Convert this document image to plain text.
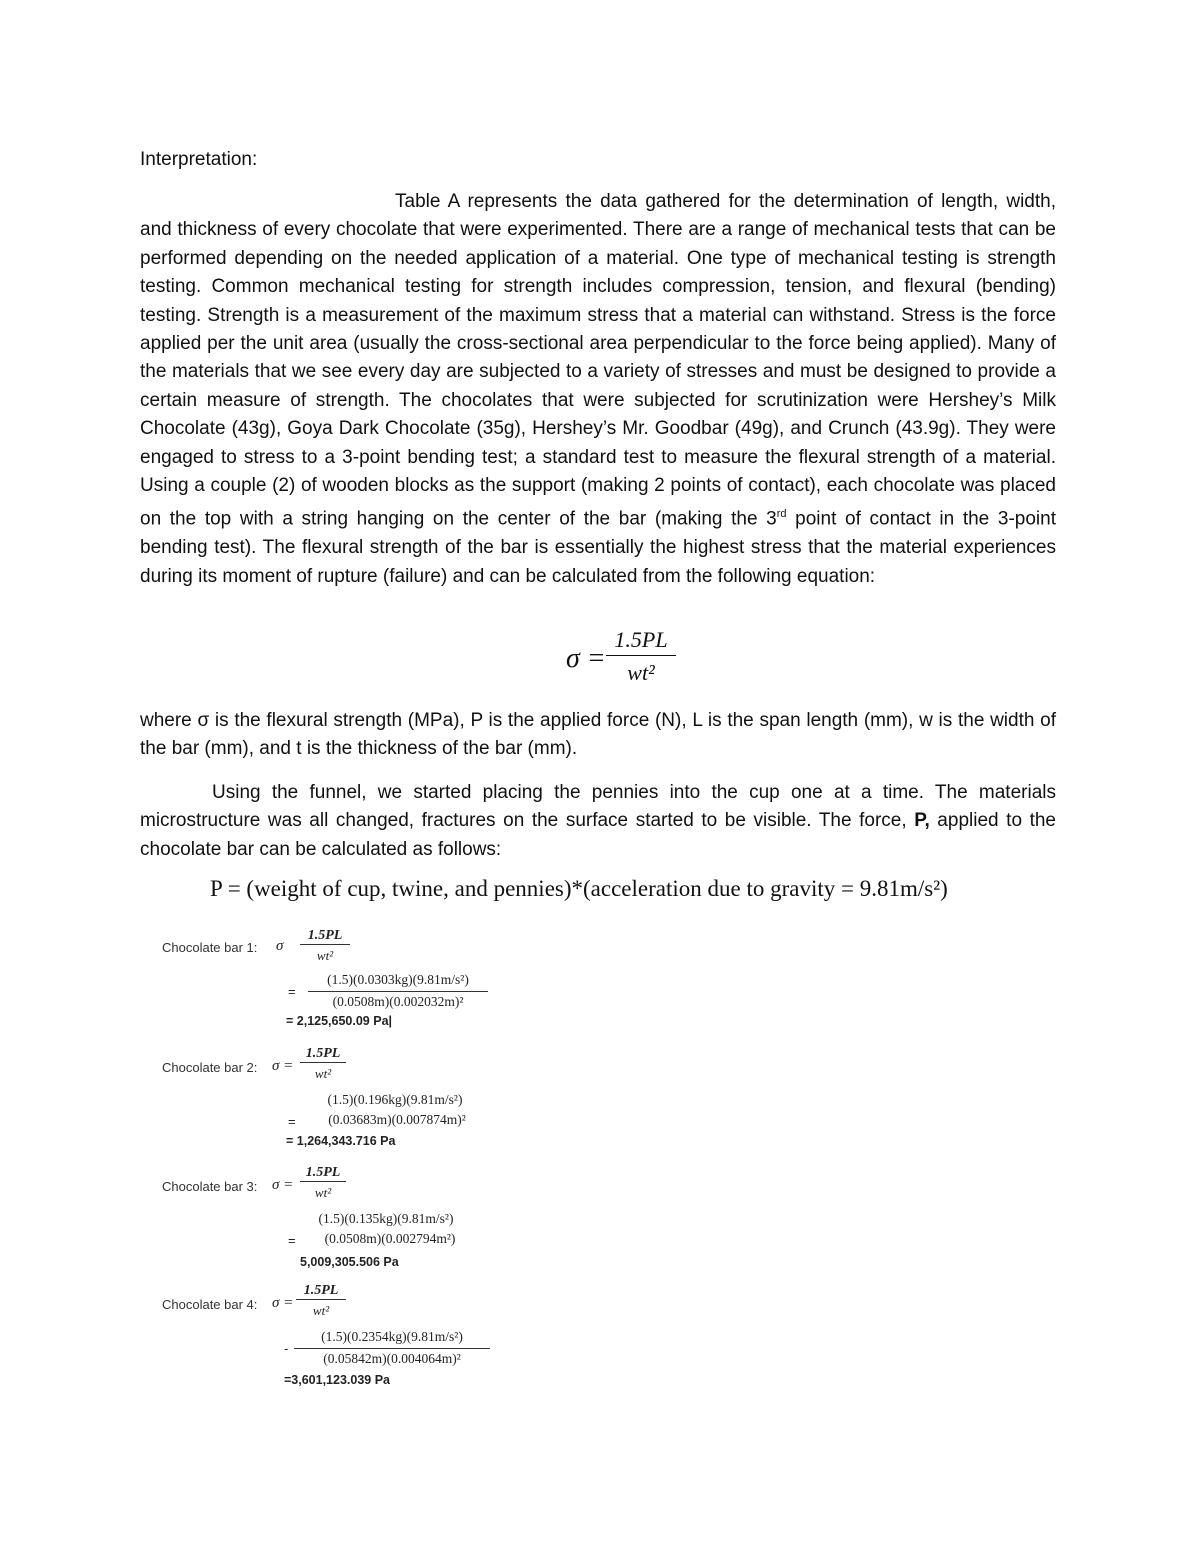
Interpretation:
Table A represents the data gathered for the determination of length, width, and thickness of every chocolate that were experimented. There are a range of mechanical tests that can be performed depending on the needed application of a material. One type of mechanical testing is strength testing. Common mechanical testing for strength includes compression, tension, and flexural (bending) testing. Strength is a measurement of the maximum stress that a material can withstand. Stress is the force applied per the unit area (usually the cross-sectional area perpendicular to the force being applied). Many of the materials that we see every day are subjected to a variety of stresses and must be designed to provide a certain measure of strength. The chocolates that were subjected for scrutinization were Hershey’s Milk Chocolate (43g), Goya Dark Chocolate (35g), Hershey’s Mr. Goodbar (49g), and Crunch (43.9g). They were engaged to stress to a 3-point bending test; a standard test to measure the flexural strength of a material. Using a couple (2) of wooden blocks as the support (making 2 points of contact), each chocolate was placed on the top with a string hanging on the center of the bar (making the 3rd point of contact in the 3-point bending test). The flexural strength of the bar is essentially the highest stress that the material experiences during its moment of rupture (failure) and can be calculated from the following equation:
σ =
1.5PL
wt²
where σ is the flexural strength (MPa), P is the applied force (N), L is the span length (mm), w is the width of the bar (mm), and t is the thickness of the bar (mm).
Using the funnel, we started placing the pennies into the cup one at a time. The materials microstructure was all changed, fractures on the surface started to be visible. The force, P, applied to the chocolate bar can be calculated as follows:
P = (weight of cup, twine, and pennies)*(acceleration due to gravity = 9.81m/s²)
Chocolate bar 1: σ
1.5PL
wt²
=
(1.5)(0.0303kg)(9.81m/s²)
(0.0508m)(0.002032m)²
= 2,125,650.09 Pa|
Chocolate bar 2: σ =
1.5PL
wt²
(1.5)(0.196kg)(9.81m/s²)
=	(0.03683m)(0.007874m)²
= 1,264,343.716 Pa
Chocolate bar 3: σ =
1.5PL
wt²
(1.5)(0.135kg)(9.81m/s²)
=	(0.0508m)(0.002794m²)
5,009,305.506 Pa
Chocolate bar 4: σ =
1.5PL
wt²
-
(1.5)(0.2354kg)(9.81m/s²)
(0.05842m)(0.004064m)²
=3,601,123.039 Pa
